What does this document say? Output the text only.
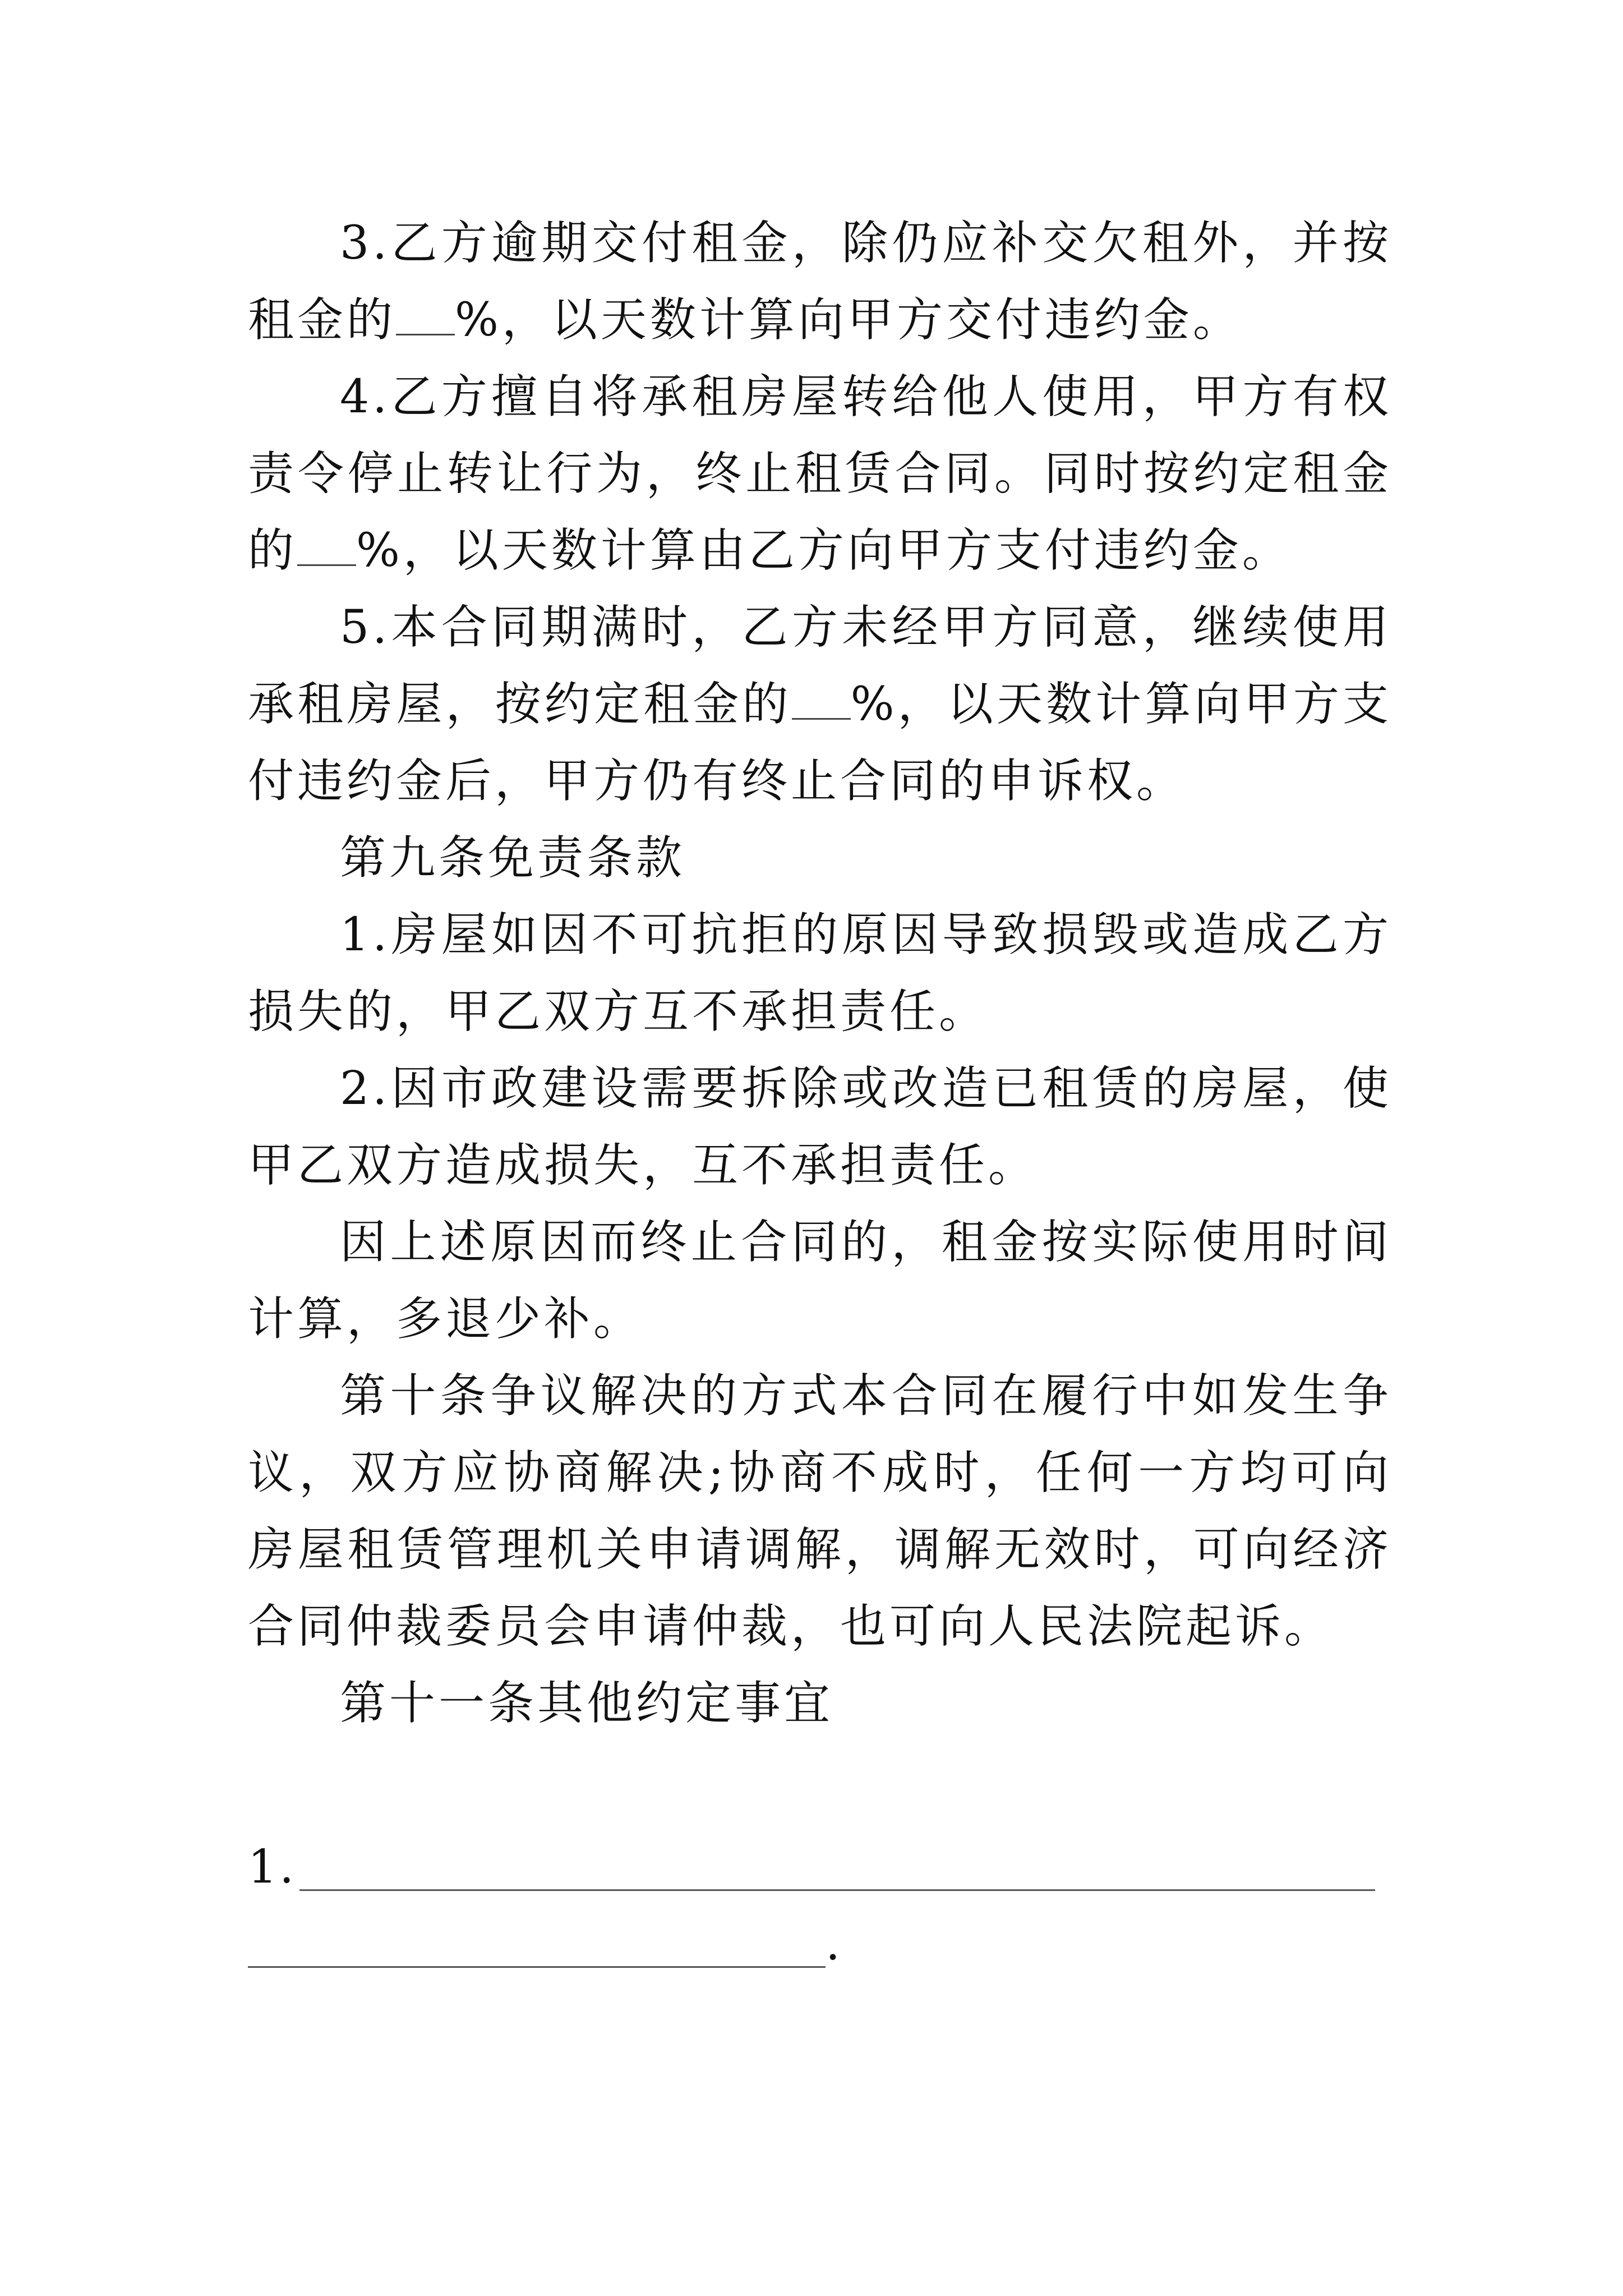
3.乙方逾期交付租金，除仍应补交欠租外，并按租金的 %，以天数计算向甲方交付违约金。

4.乙方擅自将承租房屋转给他人使用，甲方有权责令停止转让行为，终止租赁合同。同时按约定租金的 %，以天数计算由乙方向甲方支付违约金。

5.本合同期满时，乙方未经甲方同意，继续使用承租房屋，按约定租金的 %，以天数计算向甲方支付违约金后，甲方仍有终止合同的申诉权。

第九条免责条款

1.房屋如因不可抗拒的原因导致损毁或造成乙方损失的，甲乙双方互不承担责任。

2.因市政建设需要拆除或改造已租赁的房屋，使甲乙双方造成损失，互不承担责任。

因上述原因而终止合同的，租金按实际使用时间计算，多退少补。

第十条争议解决的方式本合同在履行中如发生争议，双方应协商解决;协商不成时，任何一方均可向房屋租赁管理机关申请调解，调解无效时，可向经济合同仲裁委员会申请仲裁，也可向人民法院起诉。

第十一条其他约定事宜

1.
.
